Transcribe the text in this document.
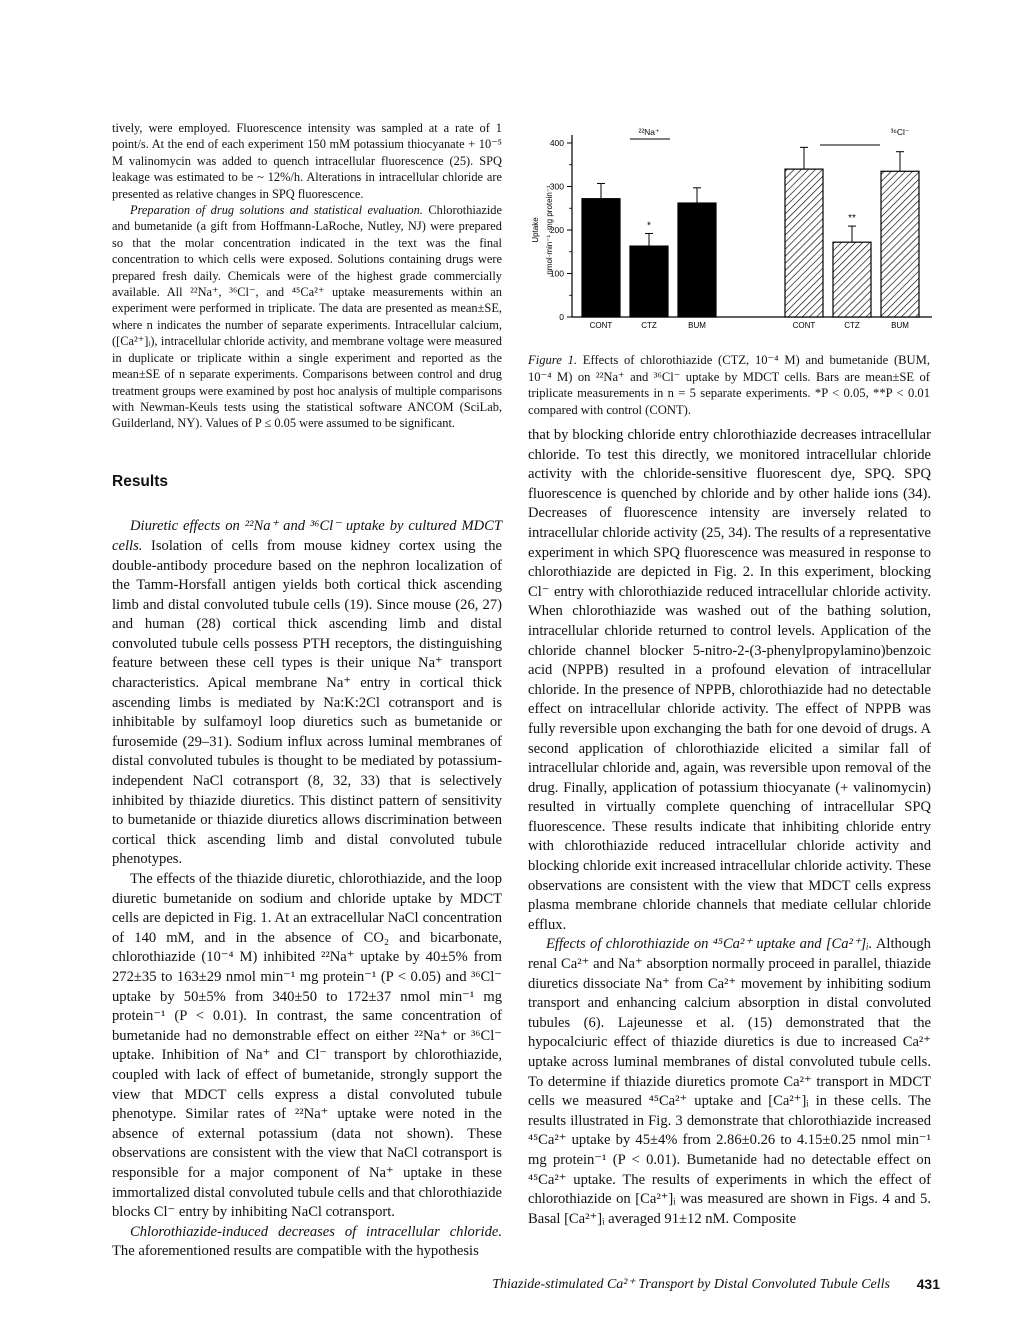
tively, were employed. Fluorescence intensity was sampled at a rate of 1 point/s. At the end of each experiment 150 mM potassium thiocyanate + 10⁻⁵ M valinomycin was added to quench intracellular fluorescence (25). SPQ leakage was estimated to be ~ 12%/h. Alterations in intracellular chloride are presented as relative changes in SPQ fluorescence.

Preparation of drug solutions and statistical evaluation. Chlorothiazide and bumetanide (a gift from Hoffmann-LaRoche, Nutley, NJ) were prepared so that the molar concentration indicated in the text was the final concentration to which cells were exposed. Solutions containing drugs were prepared fresh daily. Chemicals were of the highest grade commercially available. All ²²Na⁺, ³⁶Cl⁻, and ⁴⁵Ca²⁺ uptake measurements within an experiment were performed in triplicate. The data are presented as mean±SE, where n indicates the number of separate experiments. Intracellular calcium, ([Ca²⁺]ᵢ), intracellular chloride activity, and membrane voltage were measured in duplicate or triplicate within a single experiment and reported as the mean±SE of n separate experiments. Comparisons between control and drug treatment groups were examined by post hoc analysis of multiple comparisons with Newman-Keuls tests using the statistical software ANCOM (SciLab, Guilderland, NY). Values of P ≤ 0.05 were assumed to be significant.

Results

Diuretic effects on ²²Na⁺ and ³⁶Cl⁻ uptake by cultured MDCT cells. Isolation of cells from mouse kidney cortex using the double-antibody procedure based on the nephron localization of the Tamm-Horsfall antigen yields both cortical thick ascending limb and distal convoluted tubule cells (19). Since mouse (26, 27) and human (28) cortical thick ascending limb and distal convoluted tubule cells possess PTH receptors, the distinguishing feature between these cell types is their unique Na⁺ transport characteristics. Apical membrane Na⁺ entry in cortical thick ascending limbs is mediated by Na:K:2Cl cotransport and is inhibitable by sulfamoyl loop diuretics such as bumetanide or furosemide (29–31). Sodium influx across luminal membranes of distal convoluted tubules is thought to be mediated by potassium-independent NaCl cotransport (8, 32, 33) that is selectively inhibited by thiazide diuretics. This distinct pattern of sensitivity to bumetanide or thiazide diuretics allows discrimination between cortical thick ascending limb and distal convoluted tubule phenotypes.

The effects of the thiazide diuretic, chlorothiazide, and the loop diuretic bumetanide on sodium and chloride uptake by MDCT cells are depicted in Fig. 1. At an extracellular NaCl concentration of 140 mM, and in the absence of CO₂ and bicarbonate, chlorothiazide (10⁻⁴ M) inhibited ²²Na⁺ uptake by 40±5% from 272±35 to 163±29 nmol min⁻¹ mg protein⁻¹ (P < 0.05) and ³⁶Cl⁻ uptake by 50±5% from 340±50 to 172±37 nmol min⁻¹ mg protein⁻¹ (P < 0.01). In contrast, the same concentration of bumetanide had no demonstrable effect on either ²²Na⁺ or ³⁶Cl⁻ uptake. Inhibition of Na⁺ and Cl⁻ transport by chlorothiazide, coupled with lack of effect of bumetanide, strongly support the view that MDCT cells express a distal convoluted tubule phenotype. Similar rates of ²²Na⁺ uptake were noted in the absence of external potassium (data not shown). These observations are consistent with the view that NaCl cotransport is responsible for a major component of Na⁺ uptake in these immortalized distal convoluted tubule cells and that chlorothiazide blocks Cl⁻ entry by inhibiting NaCl cotransport.

Chlorothiazide-induced decreases of intracellular chloride. The aforementioned results are compatible with the hypothesis

0
100
200
300
400
Uptake nmol·min⁻¹ ·mg protein⁻¹
²²Na⁺
CONT
*
CTZ	BUM
³⁶Cl⁻
CONT
**
CTZ	BUM
Figure 1. Effects of chlorothiazide (CTZ, 10⁻⁴ M) and bumetanide (BUM, 10⁻⁴ M) on ²²Na⁺ and ³⁶Cl⁻ uptake by MDCT cells. Bars are mean±SE of triplicate measurements in n = 5 separate experiments. *P < 0.05, **P < 0.01 compared with control (CONT).

that by blocking chloride entry chlorothiazide decreases intracellular chloride. To test this directly, we monitored intracellular chloride activity with the chloride-sensitive fluorescent dye, SPQ. SPQ fluorescence is quenched by chloride and by other halide ions (34). Decreases of fluorescence intensity are inversely related to intracellular chloride activity (25, 34). The results of a representative experiment in which SPQ fluorescence was measured in response to chlorothiazide are depicted in Fig. 2. In this experiment, blocking Cl⁻ entry with chlorothiazide reduced intracellular chloride activity. When chlorothiazide was washed out of the bathing solution, intracellular chloride returned to control levels. Application of the chloride channel blocker 5-nitro-2-(3-phenylpropylamino)benzoic acid (NPPB) resulted in a profound elevation of intracellular chloride. In the presence of NPPB, chlorothiazide had no detectable effect on intracellular chloride activity. The effect of NPPB was fully reversible upon exchanging the bath for one devoid of drugs. A second application of chlorothiazide elicited a similar fall of intracellular chloride and, again, was reversible upon removal of the drug. Finally, application of potassium thiocyanate (+ valinomycin) resulted in virtually complete quenching of intracellular SPQ fluorescence. These results indicate that inhibiting chloride entry with chlorothiazide reduced intracellular chloride activity and blocking chloride exit increased intracellular chloride activity. These observations are consistent with the view that MDCT cells express plasma membrane chloride channels that mediate cellular chloride efflux.

Effects of chlorothiazide on ⁴⁵Ca²⁺ uptake and [Ca²⁺]ᵢ. Although renal Ca²⁺ and Na⁺ absorption normally proceed in parallel, thiazide diuretics dissociate Na⁺ from Ca²⁺ movement by inhibiting sodium transport and enhancing calcium absorption in distal convoluted tubules (6). Lajeunesse et al. (15) demonstrated that the hypocalciuric effect of thiazide diuretics is due to increased Ca²⁺ uptake across luminal membranes of distal convoluted tubule cells. To determine if thiazide diuretics promote Ca²⁺ transport in MDCT cells we measured ⁴⁵Ca²⁺ uptake and [Ca²⁺]ᵢ in these cells. The results illustrated in Fig. 3 demonstrate that chlorothiazide increased ⁴⁵Ca²⁺ uptake by 45±4% from 2.86±0.26 to 4.15±0.25 nmol min⁻¹ mg protein⁻¹ (P < 0.01). Bumetanide had no detectable effect on ⁴⁵Ca²⁺ uptake. The results of experiments in which the effect of chlorothiazide on [Ca²⁺]ᵢ was measured are shown in Figs. 4 and 5. Basal [Ca²⁺]ᵢ averaged 91±12 nM. Composite

Thiazide-stimulated Ca²⁺ Transport by Distal Convoluted Tubule Cells 431
